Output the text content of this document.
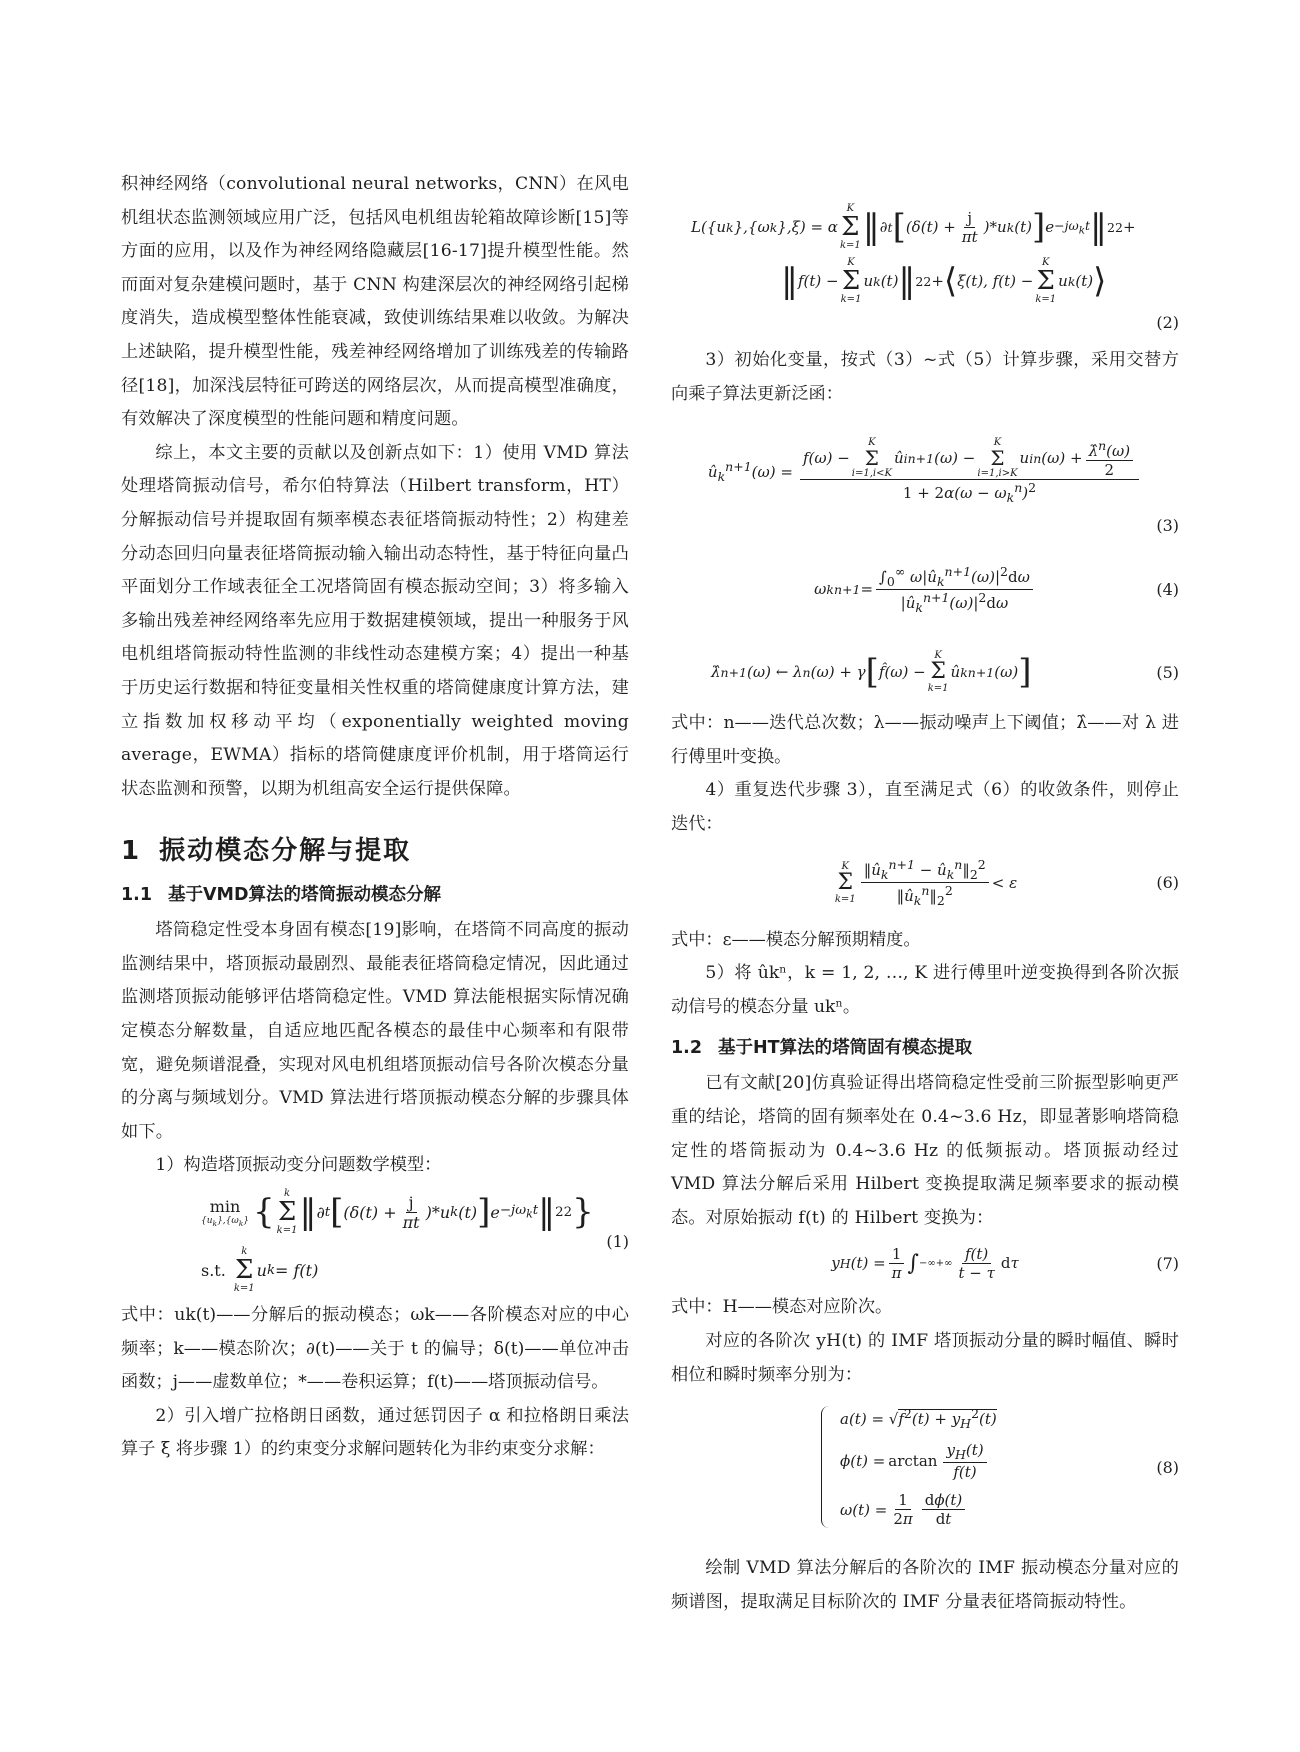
积神经网络（convolutional neural networks，CNN）在风电机组状态监测领域应用广泛，包括风电机组齿轮箱故障诊断[15]等方面的应用，以及作为神经网络隐藏层[16-17]提升模型性能。然而面对复杂建模问题时，基于 CNN 构建深层次的神经网络引起梯度消失，造成模型整体性能衰减，致使训练结果难以收敛。为解决上述缺陷，提升模型性能，残差神经网络增加了训练残差的传输路径[18]，加深浅层特征可跨送的网络层次，从而提高模型准确度，有效解决了深度模型的性能问题和精度问题。

综上，本文主要的贡献以及创新点如下：1）使用 VMD 算法处理塔筒振动信号，希尔伯特算法（Hilbert transform，HT）分解振动信号并提取固有频率模态表征塔筒振动特性；2）构建差分动态回归向量表征塔筒振动输入输出动态特性，基于特征向量凸平面划分工作域表征全工况塔筒固有模态振动空间；3）将多输入多输出残差神经网络率先应用于数据建模领域，提出一种服务于风电机组塔筒振动特性监测的非线性动态建模方案；4）提出一种基于历史运行数据和特征变量相关性权重的塔筒健康度计算方法，建立指数加权移动平均（exponentially weighted moving average，EWMA）指标的塔筒健康度评价机制，用于塔筒运行状态监测和预警，以期为机组高安全运行提供保障。

1 振动模态分解与提取
1.1 基于VMD算法的塔筒振动模态分解

塔筒稳定性受本身固有模态[19]影响，在塔筒不同高度的振动监测结果中，塔顶振动最剧烈、最能表征塔筒稳定情况，因此通过监测塔顶振动能够评估塔筒稳定性。VMD 算法能根据实际情况确定模态分解数量，自适应地匹配各模态的最佳中心频率和有限带宽，避免频谱混叠，实现对风电机组塔顶振动信号各阶次模态分量的分离与频域划分。VMD 算法进行塔顶振动模态分解的步骤具体如下。

1）构造塔顶振动变分问题数学模型：

min
$\{u_k\},\{\omega_k\}$ { k
Σ
k=1 ‖ ∂ t [ $(\delta(t) + \frac{j}{\pi t} )*u$ k (t) ] $e -j\omega_kt$ ‖ 2 2 }
s.t.
k
Σ
k=1
u k = f(t)
(1)

式中：uk(t)——分解后的振动模态；ωk——各阶模态对应的中心频率；k——模态阶次；∂(t)——关于 t 的偏导；δ(t)——单位冲击函数；j——虚数单位；*——卷积运算；f(t)——塔顶振动信号。

2）引入增广拉格朗日函数，通过惩罚因子 α 和拉格朗日乘法算子 ξ 将步骤 1）的约束变分求解问题转化为非约束变分求解：

L({u k },{ω k },ξ) = α
K
Σ
k=1 ‖ ∂ t [ $(\delta(t) + \frac{j}{\pi t} )*u$ k (t) ] $e -j\omega_kt$ ‖ 2 2 +
‖ f(t) −
K
Σ
k=1
u k (t) ‖ 2 2 + ⟨ ξ(t), f(t) −
K
Σ
k=1
u k (t) ⟩
(2)

3）初始化变量，按式（3）~式（5）计算步骤，采用交替方向乘子算法更新泛函：

$û_k^{n+1}(\omega)$ =
f(ω) −
K
Σ
i=1,i<K
û i n+1 (ω) −
K
Σ
i=1,i>K
u i n $(\omega) + \frac{\lambdâ^n(\omega)}{2}$
$1 + 2\alpha(\omega - \omega_k^n)^2$
(3)
ω k $n+1 = \frac{\int_0^\infty \omega|û_k^{n+1}(\omega)|^2d\omega}{|û_k^{n+1}(\omega)|^2d\omega}$	(4)
λ̂ n+1 (ω) ← λ n (ω) + γ [ f̂(ω) −
K
Σ
k=1
û k n+1 (ω) ]	(5)

式中：n——迭代总次数；λ——振动噪声上下阈值；λ̂——对 λ 进行傅里叶变换。

4）重复迭代步骤 3），直至满足式（6）的收敛条件，则停止迭代：

K
Σ
$k=1 \frac{‖û_k^{n+1} - û_k^n‖_2^2}{‖û_k^n‖_2^2} < \varepsilon$	(6)

式中：ε——模态分解预期精度。

5）将 ûkⁿ，k = 1, 2, …, K 进行傅里叶逆变换得到各阶次振动信号的模态分量 ukⁿ。

1.2 基于HT算法的塔筒固有模态提取

已有文献[20]仿真验证得出塔筒稳定性受前三阶振型影响更严重的结论，塔筒的固有频率处在 0.4~3.6 Hz，即显著影响塔筒稳定性的塔筒振动为 0.4~3.6 Hz 的低频振动。塔顶振动经过 VMD 算法分解后采用 Hilbert 变换提取满足频率要求的振动模态。对原始振动 f(t) 的 Hilbert 变换为：

y H $(t) = \frac{1}{\pi}$ ∫ −∞ +∞ $\frac{f(t)}{t - \tau}$ d τ	(7)

式中：H——模态对应阶次。

对应的各阶次 yH(t) 的 IMF 塔顶振动分量的瞬时幅值、瞬时相位和瞬时频率分别为：

$a(t) = √f^2(t) + y_H^2(t)$
$\phi(t) = \arctan \frac{y_H(t)}{f(t)}$
$\omega(t) = \frac{1}{2\pi} \frac{d\phi(t)}{dt}$
(8)

绘制 VMD 算法分解后的各阶次的 IMF 振动模态分量对应的频谱图，提取满足目标阶次的 IMF 分量表征塔筒振动特性。
